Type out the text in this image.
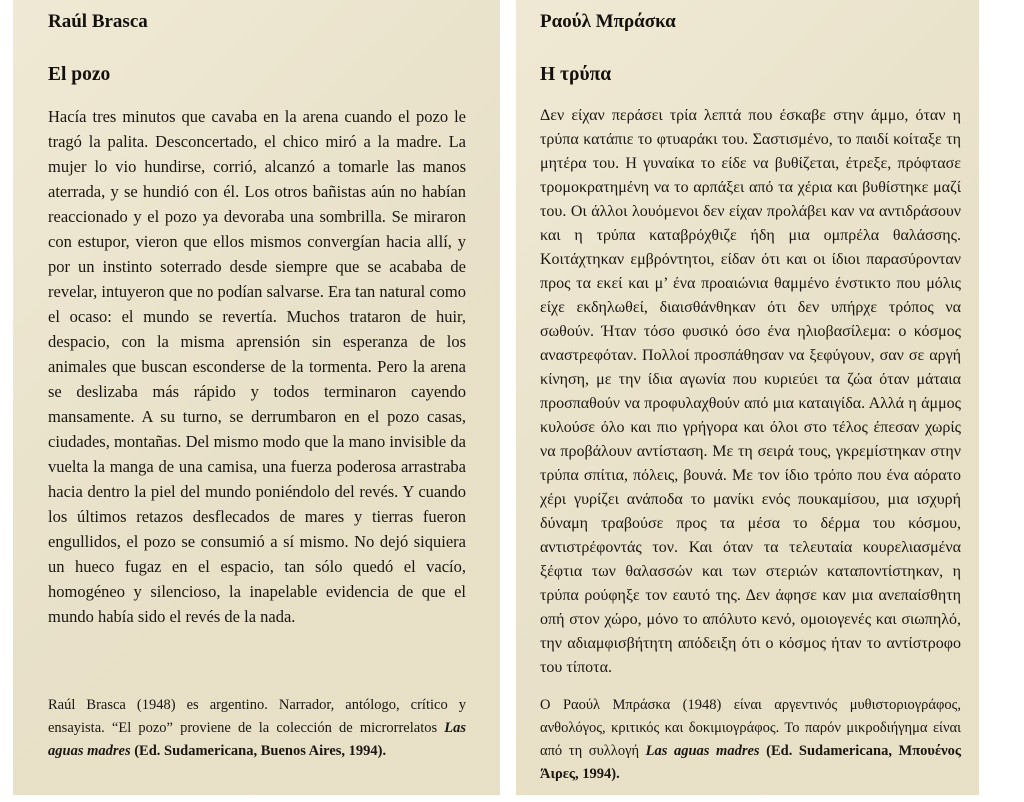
Raúl Brasca
El pozo

Hacía tres minutos que cavaba en la arena cuando el pozo le tragó la palita. Desconcertado, el chico miró a la madre. La mujer lo vio hundirse, corrió, alcanzó a tomarle las manos aterrada, y se hundió con él. Los otros bañistas aún no habían reaccionado y el pozo ya devoraba una sombrilla. Se miraron con estupor, vieron que ellos mismos convergían hacia allí, y por un instinto soterrado desde siempre que se acababa de revelar, intuyeron que no podían salvarse. Era tan natural como el ocaso: el mundo se revertía. Muchos trataron de huir, despacio, con la misma aprensión sin esperanza de los animales que buscan esconderse de la tormenta. Pero la arena se deslizaba más rápido y todos terminaron cayendo mansamente. A su turno, se derrumbaron en el pozo casas, ciudades, montañas. Del mismo modo que la mano invisible da vuelta la manga de una camisa, una fuerza poderosa arrastraba hacia dentro la piel del mundo poniéndolo del revés. Y cuando los últimos retazos desflecados de mares y tierras fueron engullidos, el pozo se consumió a sí mismo. No dejó siquiera un hueco fugaz en el espacio, tan sólo quedó el vacío, homogéneo y silencioso, la inapelable evidencia de que el mundo había sido el revés de la nada.

Raúl Brasca (1948) es argentino. Narrador, antólogo, crítico y ensayista. “El pozo” proviene de la colección de microrrelatos Las aguas madres (Ed. Sudamericana, Buenos Aires, 1994).

Ραούλ Μπράσκα
Η τρύπα

Δεν είχαν περάσει τρία λεπτά που έσκαβε στην άμμο, όταν η τρύπα κατάπιε το φτυαράκι του. Σαστισμένο, το παιδί κοίταξε τη μητέρα του. Η γυναίκα το είδε να βυθίζεται, έτρεξε, πρόφτασε τρομοκρατημένη να το αρπάξει από τα χέρια και βυθίστηκε μαζί του. Οι άλλοι λουόμενοι δεν είχαν προλάβει καν να αντιδράσουν και η τρύπα καταβρόχθιζε ήδη μια ομπρέλα θαλάσσης. Κοιτάχτηκαν εμβρόντητοι, είδαν ότι και οι ίδιοι παρασύρονταν προς τα εκεί και μ’ ένα προαιώνια θαμμένο ένστικτο που μόλις είχε εκδηλωθεί, διαισθάνθηκαν ότι δεν υπήρχε τρόπος να σωθούν. Ήταν τόσο φυσικό όσο ένα ηλιοβασίλεμα: ο κόσμος αναστρεφόταν. Πολλοί προσπάθησαν να ξεφύγουν, σαν σε αργή κίνηση, με την ίδια αγωνία που κυριεύει τα ζώα όταν μάταια προσπαθούν να προφυλαχθούν από μια καταιγίδα. Αλλά η άμμος κυλούσε όλο και πιο γρήγορα και όλοι στο τέλος έπεσαν χωρίς να προβάλουν αντίσταση. Με τη σειρά τους, γκρεμίστηκαν στην τρύπα σπίτια, πόλεις, βουνά. Με τον ίδιο τρόπο που ένα αόρατο χέρι γυρίζει ανάποδα το μανίκι ενός πουκαμίσου, μια ισχυρή δύναμη τραβούσε προς τα μέσα το δέρμα του κόσμου, αντιστρέφοντάς τον. Και όταν τα τελευταία κουρελιασμένα ξέφτια των θαλασσών και των στεριών καταποντίστηκαν, η τρύπα ρούφηξε τον εαυτό της. Δεν άφησε καν μια ανεπαίσθητη οπή στον χώρο, μόνο το απόλυτο κενό, ομοιογενές και σιωπηλό, την αδιαμφισβήτητη απόδειξη ότι ο κόσμος ήταν το αντίστροφο του τίποτα.

Ο Ραούλ Μπράσκα (1948) είναι αργεντινός μυθιστοριογράφος, ανθολόγος, κριτικός και δοκιμιογράφος. Το παρόν μικροδιήγημα είναι από τη συλλογή Las aguas madres (Ed. Sudamericana, Μπουένος Άιρες, 1994).
